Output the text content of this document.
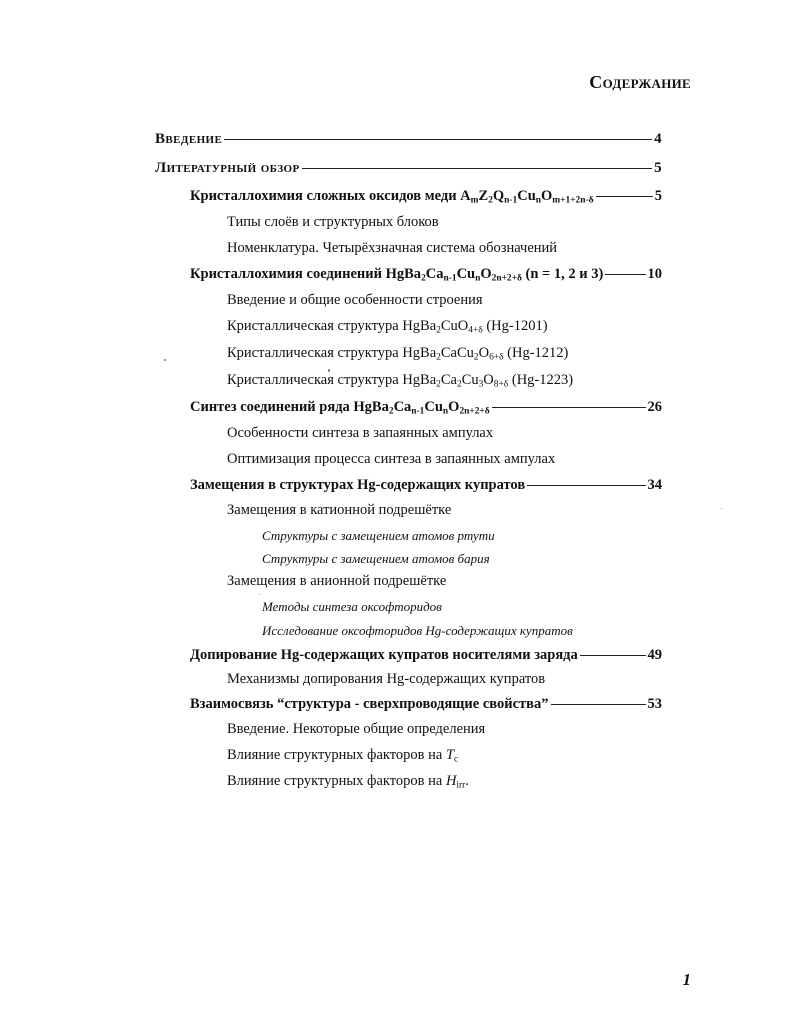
Содержание
Введение	4
Литературный обзор	5
Кристаллохимия сложных оксидов меди $A_mZ_2Q_{n-1}Cu_nO_{m+1+2n-\delta}$	5
Типы слоёв и структурных блоков
Номенклатура. Четырёхзначная система обозначений
Кристаллохимия соединений $HgBa_2Ca_{n-1}Cu_nO_{2n+2+\delta}$ (n = 1, 2 и 3)	10
Введение и общие особенности строения
Кристаллическая структура HgBa$_2$CuO$_{4+\delta}$ (Hg-1201)
Кристаллическая структура $HgBa_2CaCu_2O_{6+\delta}$ (Hg-1212)
Кристаллическая структура $HgBa_2Ca_2Cu_3O_{8+\delta}$ (Hg-1223)
Синтез соединений ряда $HgBa_2Ca_{n-1}Cu_nO_{2n+2+\delta}$	26
Особенности синтеза в запаянных ампулах
Оптимизация процесса синтеза в запаянных ампулах
Замещения в структурах Hg-содержащих купратов	34
Замещения в катионной подрешётке
Структуры с замещением атомов ртути
Структуры с замещением атомов бария
Замещения в анионной подрешётке
Методы синтеза оксофторидов
Исследование оксофторидов Hg-содержащих купратов
Допирование Hg-содержащих купратов носителями заряда	49
Механизмы допирования Hg-содержащих купратов
Взаимосвязь “структура - сверхпроводящие свойства”	53
Введение. Некоторые общие определения
Влияние структурных факторов на $T_c$
Влияние структурных факторов на $H_{irr}$.
1
